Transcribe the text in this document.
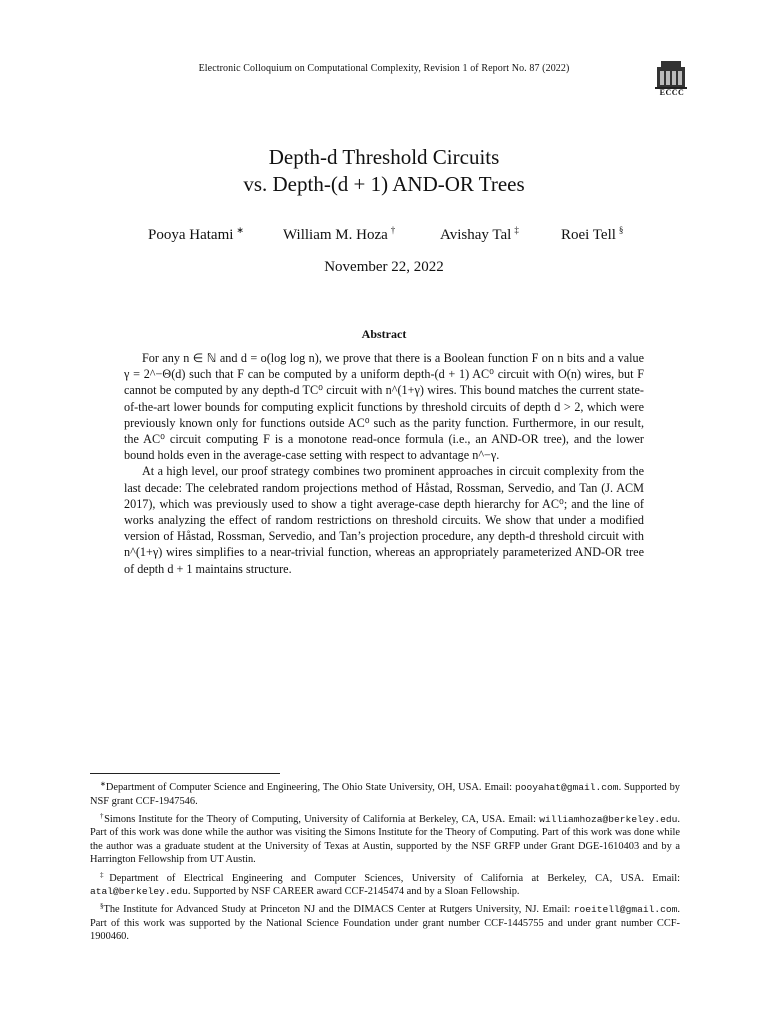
Electronic Colloquium on Computational Complexity, Revision 1 of Report No. 87 (2022)
ECCC
Depth-d Threshold Circuits
vs. Depth-(d + 1) AND-OR Trees
Pooya Hatami ∗	William M. Hoza †	Avishay Tal ‡	Roei Tell §
November 22, 2022
Abstract

For any n ∈ ℕ and d = o(log log n), we prove that there is a Boolean function F on n bits and a value γ = 2^−Θ(d) such that F can be computed by a uniform depth-(d + 1) AC⁰ circuit with O(n) wires, but F cannot be computed by any depth-d TC⁰ circuit with n^(1+γ) wires. This bound matches the current state-of-the-art lower bounds for computing explicit functions by threshold circuits of depth d > 2, which were previously known only for functions outside AC⁰ such as the parity function. Furthermore, in our result, the AC⁰ circuit computing F is a monotone read-once formula (i.e., an AND-OR tree), and the lower bound holds even in the average-case setting with respect to advantage n^−γ.

At a high level, our proof strategy combines two prominent approaches in circuit complexity from the last decade: The celebrated random projections method of Håstad, Rossman, Servedio, and Tan (J. ACM 2017), which was previously used to show a tight average-case depth hierarchy for AC⁰; and the line of works analyzing the effect of random restrictions on threshold circuits. We show that under a modified version of Håstad, Rossman, Servedio, and Tan’s projection procedure, any depth-d threshold circuit with n^(1+γ) wires simplifies to a near-trivial function, whereas an appropriately parameterized AND-OR tree of depth d + 1 maintains structure.

∗Department of Computer Science and Engineering, The Ohio State University, OH, USA. Email: pooyahat@gmail.com. Supported by NSF grant CCF-1947546.

†Simons Institute for the Theory of Computing, University of California at Berkeley, CA, USA. Email: williamhoza@berkeley.edu. Part of this work was done while the author was visiting the Simons Institute for the Theory of Computing. Part of this work was done while the author was a graduate student at the University of Texas at Austin, supported by the NSF GRFP under Grant DGE-1610403 and by a Harrington Fellowship from UT Austin.

‡Department of Electrical Engineering and Computer Sciences, University of California at Berkeley, CA, USA. Email: atal@berkeley.edu. Supported by NSF CAREER award CCF-2145474 and by a Sloan Fellowship.

§The Institute for Advanced Study at Princeton NJ and the DIMACS Center at Rutgers University, NJ. Email: roeitell@gmail.com. Part of this work was supported by the National Science Foundation under grant number CCF-1445755 and under grant number CCF-1900460.
